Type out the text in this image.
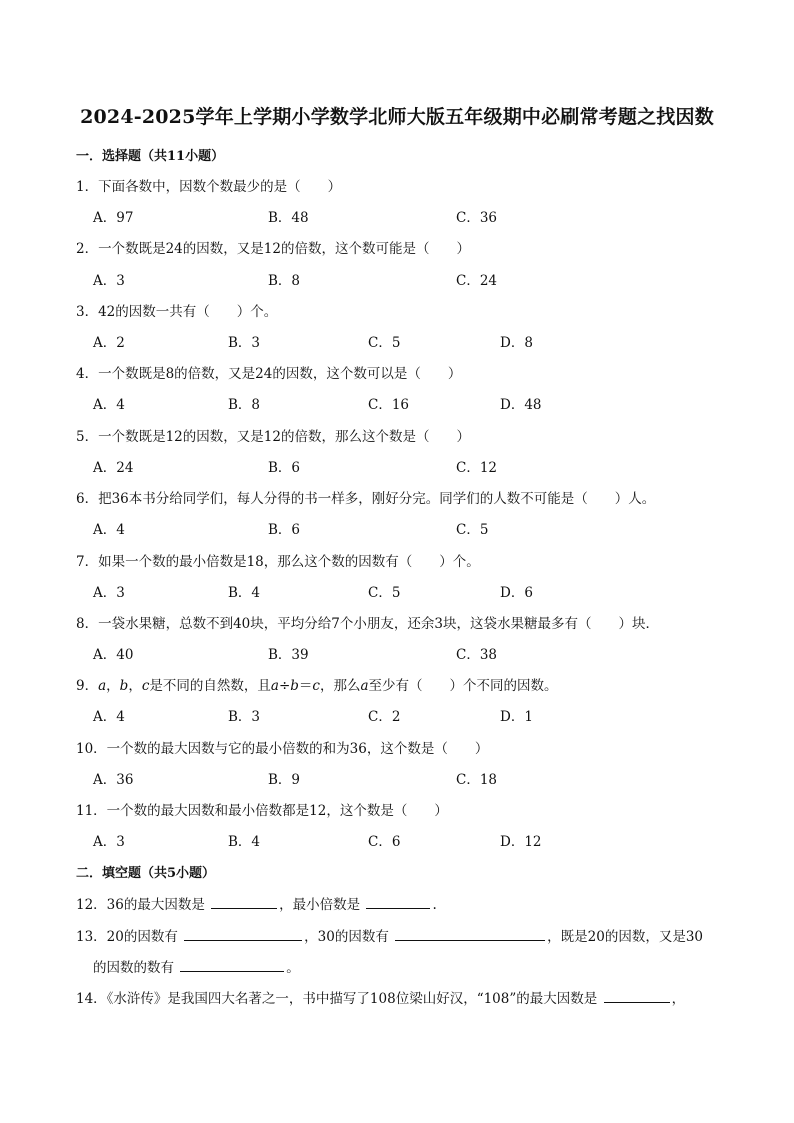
2024-2025学年上学期小学数学北师大版五年级期中必刷常考题之找因数
一．选择题（共11小题）
1．下面各数中，因数个数最少的是（　　）
A．97	B．48	C．36
2．一个数既是24的因数，又是12的倍数，这个数可能是（　　）
A．3	B．8	C．24
3．42的因数一共有（　　）个。
A．2	B．3	C．5	D．8
4．一个数既是8的倍数，又是24的因数，这个数可以是（　　）
A．4	B．8	C．16	D．48
5．一个数既是12的因数，又是12的倍数，那么这个数是（　　）
A．24	B．6	C．12
6．把36本书分给同学们，每人分得的书一样多，刚好分完。同学们的人数不可能是（　　）人。
A．4	B．6	C．5
7．如果一个数的最小倍数是18，那么这个数的因数有（　　）个。
A．3	B．4	C．5	D．6
8．一袋水果糖，总数不到40块，平均分给7个小朋友，还余3块，这袋水果糖最多有（　　）块．
A．40	B．39	C．38
9．a，b，c是不同的自然数，且a÷b＝c，那么a至少有（　　）个不同的因数。
A．4	B．3	C．2	D．1
10．一个数的最大因数与它的最小倍数的和为36，这个数是（　　）
A．36	B．9	C．18
11．一个数的最大因数和最小倍数都是12，这个数是（　　）
A．3	B．4	C．6	D．12
二．填空题（共5小题）
12．36的最大因数是	，最小倍数是	.
13．20的因数有	，30的因数有	，既是20的因数，又是30
的因数的数有	。
14．《水浒传》是我国四大名著之一，书中描写了108位梁山好汉，“108”的最大因数是	，
